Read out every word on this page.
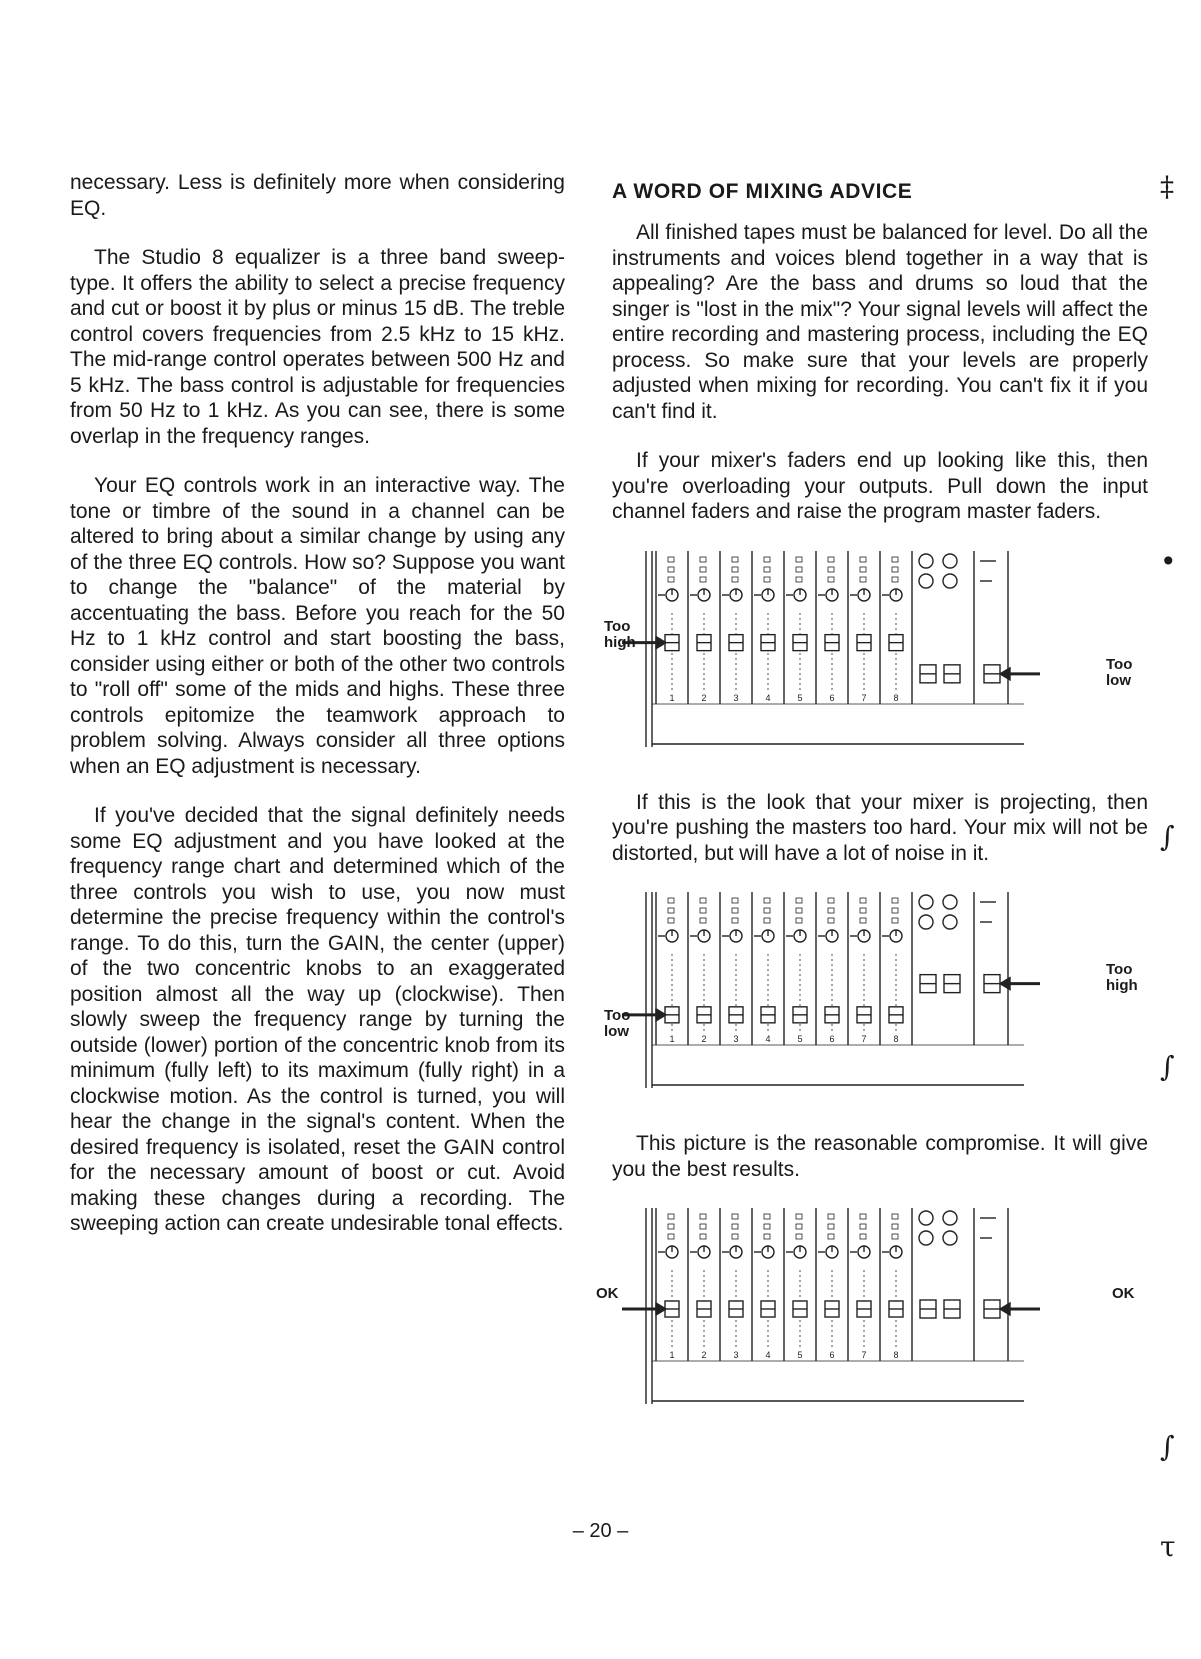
necessary. Less is definitely more when considering EQ.

The Studio 8 equalizer is a three band sweep-type. It offers the ability to select a precise frequency and cut or boost it by plus or minus 15 dB. The treble control covers frequencies from 2.5 kHz to 15 kHz. The mid-range control operates between 500 Hz and 5 kHz. The bass control is adjustable for frequencies from 50 Hz to 1 kHz. As you can see, there is some overlap in the frequency ranges.

Your EQ controls work in an interactive way. The tone or timbre of the sound in a channel can be altered to bring about a similar change by using any of the three EQ controls. How so? Suppose you want to change the "balance" of the material by accentuating the bass. Before you reach for the 50 Hz to 1 kHz control and start boosting the bass, consider using either or both of the other two controls to "roll off" some of the mids and highs. These three controls epitomize the teamwork approach to problem solving. Always consider all three options when an EQ adjustment is necessary.

If you've decided that the signal definitely needs some EQ adjustment and you have looked at the frequency range chart and determined which of the three controls you wish to use, you now must determine the precise frequency within the control's range. To do this, turn the GAIN, the center (upper) of the two concentric knobs to an exaggerated position almost all the way up (clockwise). Then slowly sweep the frequency range by turning the outside (lower) portion of the concentric knob from its minimum (fully left) to its maximum (fully right) in a clockwise motion. As the control is turned, you will hear the change in the signal's content. When the desired frequency is isolated, reset the GAIN control for the necessary amount of boost or cut. Avoid making these changes during a recording. The sweeping action can create undesirable tonal effects.

A WORD OF MIXING ADVICE

All finished tapes must be balanced for level. Do all the instruments and voices blend together in a way that is appealing? Are the bass and drums so loud that the singer is "lost in the mix"? Your signal levels will affect the entire recording and mastering process, including the EQ process. So make sure that your levels are properly adjusted when mixing for recording. You can't fix it if you can't find it.

If your mixer's faders end up looking like this, then you're overloading your outputs. Pull down the input channel faders and raise the program master faders.

1	2	3	4	5	6	7	8
Too
high
Too
low

If this is the look that your mixer is projecting, then you're pushing the masters too hard. Your mix will not be distorted, but will have a lot of noise in it.

1	2	3	4	5	6	7	8
Too
low
Too
high

This picture is the reasonable compromise. It will give you the best results.

1	2	3	4	5	6	7	8
OK	OK
– 20 –
‡
•
∫
∫
∫
τ
